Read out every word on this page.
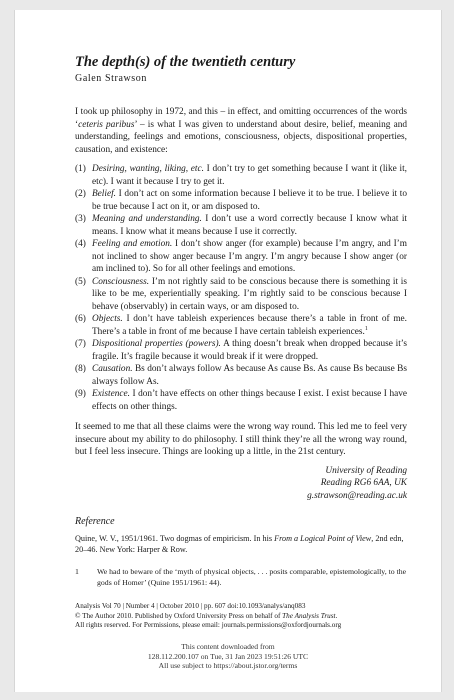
The depth(s) of the twentieth century
Galen Strawson

I took up philosophy in 1972, and this – in effect, and omitting occurrences of the words ‘ceteris paribus’ – is what I was given to understand about desire, belief, meaning and understanding, feelings and emotions, consciousness, objects, dispositional properties, causation, and existence:

(1) Desiring, wanting, liking, etc. I don’t try to get something because I want it (like it, etc). I want it because I try to get it.
(2) Belief. I don’t act on some information because I believe it to be true. I believe it to be true because I act on it, or am disposed to.
(3) Meaning and understanding. I don’t use a word correctly because I know what it means. I know what it means because I use it correctly.
(4) Feeling and emotion. I don’t show anger (for example) because I’m angry, and I’m not inclined to show anger because I’m angry. I’m angry because I show anger (or am inclined to). So for all other feelings and emotions.
(5) Consciousness. I’m not rightly said to be conscious because there is something it is like to be me, experientially speaking. I’m rightly said to be conscious because I behave (observably) in certain ways, or am disposed to.
(6) Objects. I don’t have tableish experiences because there’s a table in front of me. There’s a table in front of me because I have certain tableish experiences.$^1$
(7) Dispositional properties (powers). A thing doesn’t break when dropped because it’s fragile. It’s fragile because it would break if it were dropped.
(8) Causation. Bs don’t always follow As because As cause Bs. As cause Bs because Bs always follow As.
(9) Existence. I don’t have effects on other things because I exist. I exist because I have effects on other things.

It seemed to me that all these claims were the wrong way round. This led me to feel very insecure about my ability to do philosophy. I still think they’re all the wrong way round, but I feel less insecure. Things are looking up a little, in the 21st century.

University of Reading
Reading RG6 6AA, UK
g.strawson@reading.ac.uk
Reference

Quine, W. V., 1951/1961. Two dogmas of empiricism. In his From a Logical Point of View, 2nd edn, 20–46. New York: Harper & Row.

1 We had to beware of the ‘myth of physical objects, . . . posits comparable, epistemologically, to the gods of Homer’ (Quine 1951/1961: 44).
Analysis Vol 70 | Number 4 | October 2010 | pp. 607 doi:10.1093/analys/anq083
© The Author 2010. Published by Oxford University Press on behalf of The Analysis Trust.
All rights reserved. For Permissions, please email: journals.permissions@oxfordjournals.org
This content downloaded from
128.112.200.107 on Tue, 31 Jan 2023 19:51:26 UTC
All use subject to https://about.jstor.org/terms
